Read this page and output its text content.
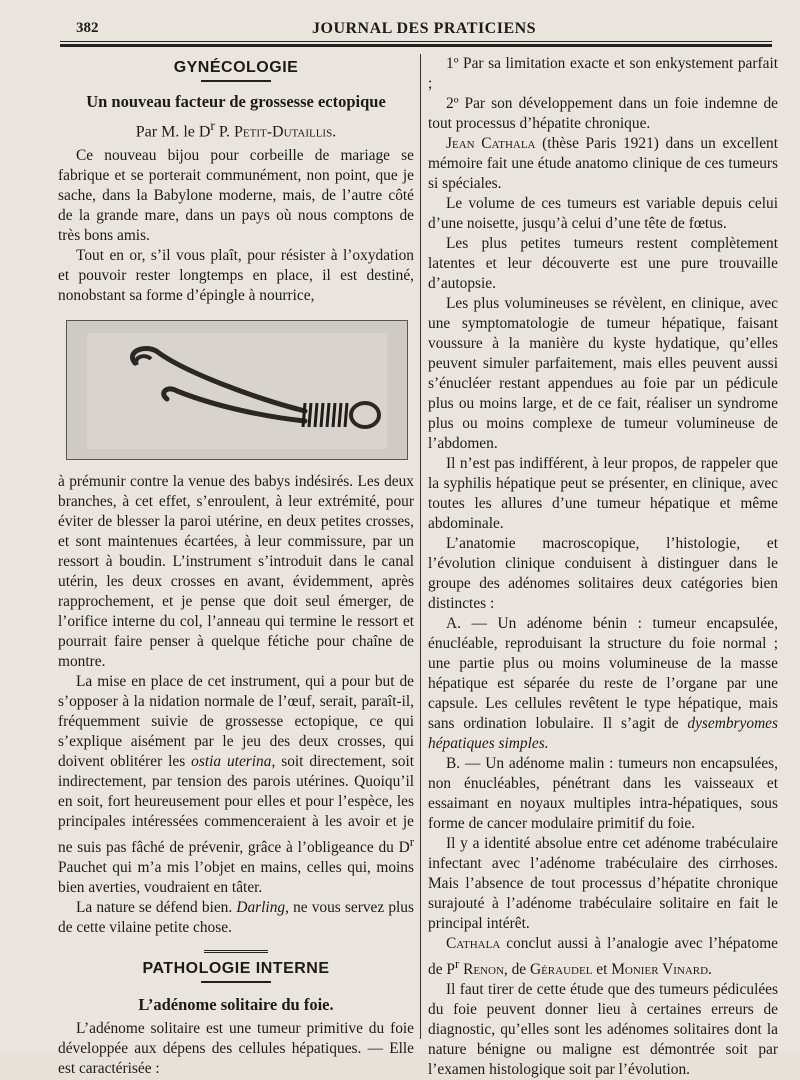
382	JOURNAL DES PRATICIENS
GYNÉCOLOGIE
Un nouveau facteur de grossesse ectopique
Par M. le $D^r$ P. Petit-Dutaillis.

Ce nouveau bijou pour corbeille de mariage se fabrique et se porterait communément, non point, que je sache, dans la Babylone moderne, mais, de l’autre côté de la grande mare, dans un pays où nous comptons de très bons amis.

Tout en or, s’il vous plaît, pour résister à l’oxydation et pouvoir rester longtemps en place, il est destiné, nonobstant sa forme d’épingle à nourrice,

à prémunir contre la venue des babys indésirés. Les deux branches, à cet effet, s’enroulent, à leur extrémité, pour éviter de blesser la paroi utérine, en deux petites crosses, et sont maintenues écartées, à leur commissure, par un ressort à boudin. L’instrument s’introduit dans le canal utérin, les deux crosses en avant, évidemment, après rapprochement, et je pense que doit seul émerger, de l’orifice interne du col, l’anneau qui termine le ressort et pourrait faire penser à quelque fétiche pour chaîne de montre.

La mise en place de cet instrument, qui a pour but de s’opposer à la nidation normale de l’œuf, serait, paraît-il, fréquemment suivie de grossesse ectopique, ce qui s’explique aisément par le jeu des deux crosses, qui doivent oblitérer les ostia uterina, soit directement, soit indirectement, par tension des parois utérines. Quoiqu’il en soit, fort heureusement pour elles et pour l’espèce, les principales intéressées commenceraient à les avoir et je ne suis pas fâché de prévenir, grâce à l’obligeance du $D^r$ Pauchet qui m’a mis l’objet en mains, celles qui, moins bien averties, voudraient en tâter.

La nature se défend bien. Darling, ne vous servez plus de cette vilaine petite chose.

PATHOLOGIE INTERNE
L’adénome solitaire du foie.

L’adénome solitaire est une tumeur primitive du foie développée aux dépens des cellules hépatiques. — Elle est caractérisée :

1º Par sa limitation exacte et son enkystement parfait ;

2º Par son développement dans un foie indemne de tout processus d’hépatite chronique.

Jean Cathala (thèse Paris 1921) dans un excellent mémoire fait une étude anatomo clinique de ces tumeurs si spéciales.

Le volume de ces tumeurs est variable depuis celui d’une noisette, jusqu’à celui d’une tête de fœtus.

Les plus petites tumeurs restent complètement latentes et leur découverte est une pure trouvaille d’autopsie.

Les plus volumineuses se révèlent, en clinique, avec une symptomatologie de tumeur hépatique, faisant voussure à la manière du kyste hydatique, qu’elles peuvent simuler parfaitement, mais elles peuvent aussi s’énucléer restant appendues au foie par un pédicule plus ou moins large, et de ce fait, réaliser un syndrome plus ou moins complexe de tumeur volumineuse de l’abdomen.

Il n’est pas indifférent, à leur propos, de rappeler que la syphilis hépatique peut se présenter, en clinique, avec toutes les allures d’une tumeur hépatique et même abdominale.

L’anatomie macroscopique, l’histologie, et l’évolution clinique conduisent à distinguer dans le groupe des adénomes solitaires deux catégories bien distinctes :

A. — Un adénome bénin : tumeur encapsulée, énucléable, reproduisant la structure du foie normal ; une partie plus ou moins volumineuse de la masse hépatique est séparée du reste de l’organe par une capsule. Les cellules revêtent le type hépatique, mais sans ordination lobulaire. Il s’agit de dysembryomes hépatiques simples.

B. — Un adénome malin : tumeurs non encapsulées, non énucléables, pénétrant dans les vaisseaux et essaimant en noyaux multiples intra-hépatiques, sous forme de cancer modulaire primitif du foie.

Il y a identité absolue entre cet adénome trabéculaire infectant avec l’adénome trabéculaire des cirrhoses. Mais l’absence de tout processus d’hépatite chronique surajouté à l’adénome trabéculaire solitaire en fait le principal intérêt.

Cathala conclut aussi à l’analogie avec l’hépatome de $P^r$ Renon, de Géraudel et Monier Vinard.

Il faut tirer de cette étude que des tumeurs pédiculées du foie peuvent donner lieu à certaines erreurs de diagnostic, qu’elles sont les adénomes solitaires dont la nature bénigne ou maligne est démontrée soit par l’examen histologique soit par l’évolution.
